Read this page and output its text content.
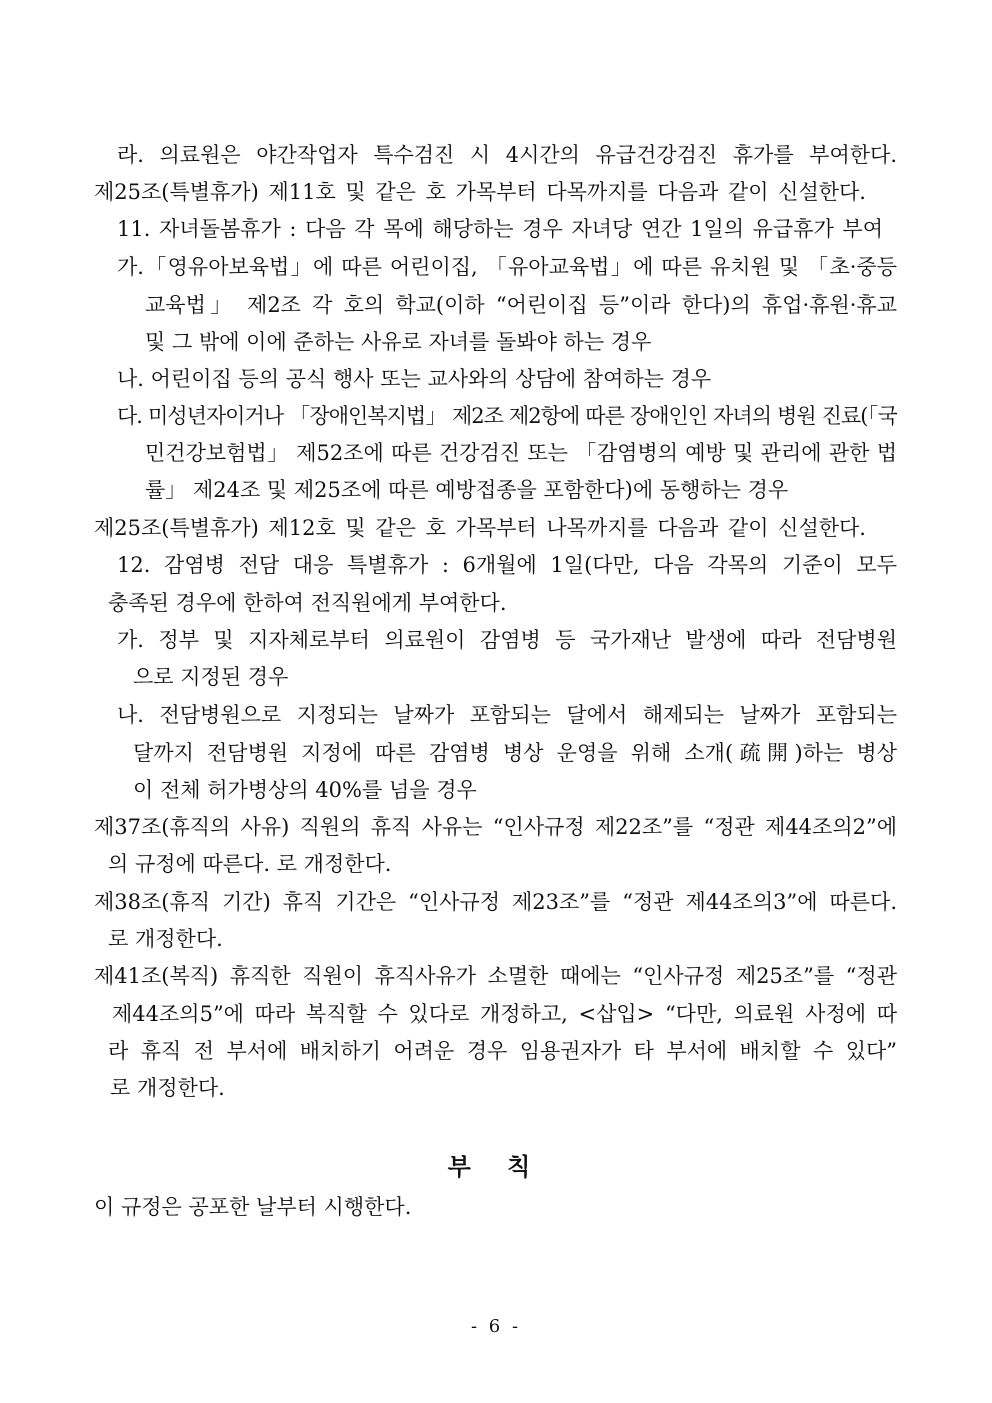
라. 의료원은 야간작업자 특수검진 시 4시간의 유급건강검진 휴가를 부여한다.
제25조(특별휴가) 제11호 및 같은 호 가목부터 다목까지를 다음과 같이 신설한다.
11. 자녀돌봄휴가 : 다음 각 목에 해당하는 경우 자녀당 연간 1일의 유급휴가 부여
가.「영유아보육법」에 따른 어린이집, 「유아교육법」에 따른 유치원 및 「초·중등
교육법」 제2조 각 호의 학교(이하 “어린이집 등”이라 한다)의 휴업·휴원·휴교
및 그 밖에 이에 준하는 사유로 자녀를 돌봐야 하는 경우
나. 어린이집 등의 공식 행사 또는 교사와의 상담에 참여하는 경우
다. 미성년자이거나 「장애인복지법」 제2조 제2항에 따른 장애인인 자녀의 병원 진료(「국
민건강보험법」 제52조에 따른 건강검진 또는 「감염병의 예방 및 관리에 관한 법
률」 제24조 및 제25조에 따른 예방접종을 포함한다)에 동행하는 경우
제25조(특별휴가) 제12호 및 같은 호 가목부터 나목까지를 다음과 같이 신설한다.
12. 감염병 전담 대응 특별휴가 : 6개월에 1일(다만, 다음 각목의 기준이 모두
충족된 경우에 한하여 전직원에게 부여한다.
가. 정부 및 지자체로부터 의료원이 감염병 등 국가재난 발생에 따라 전담병원
으로 지정된 경우
나. 전담병원으로 지정되는 날짜가 포함되는 달에서 해제되는 날짜가 포함되는
달까지 전담병원 지정에 따른 감염병 병상 운영을 위해 소개(疏開)하는 병상
이 전체 허가병상의 40%를 넘을 경우
제37조(휴직의 사유) 직원의 휴직 사유는 “인사규정 제22조”를 “정관 제44조의2”에
의 규정에 따른다. 로 개정한다.
제38조(휴직 기간) 휴직 기간은 “인사규정 제23조”를 “정관 제44조의3”에 따른다.
로 개정한다.
제41조(복직) 휴직한 직원이 휴직사유가 소멸한 때에는 “인사규정 제25조”를 “정관
제44조의5”에 따라 복직할 수 있다로 개정하고, <삽입> “다만, 의료원 사정에 따
라 휴직 전 부서에 배치하기 어려운 경우 임용권자가 타 부서에 배치할 수 있다”
로 개정한다.
부 칙
이 규정은 공포한 날부터 시행한다.
- 6 -
